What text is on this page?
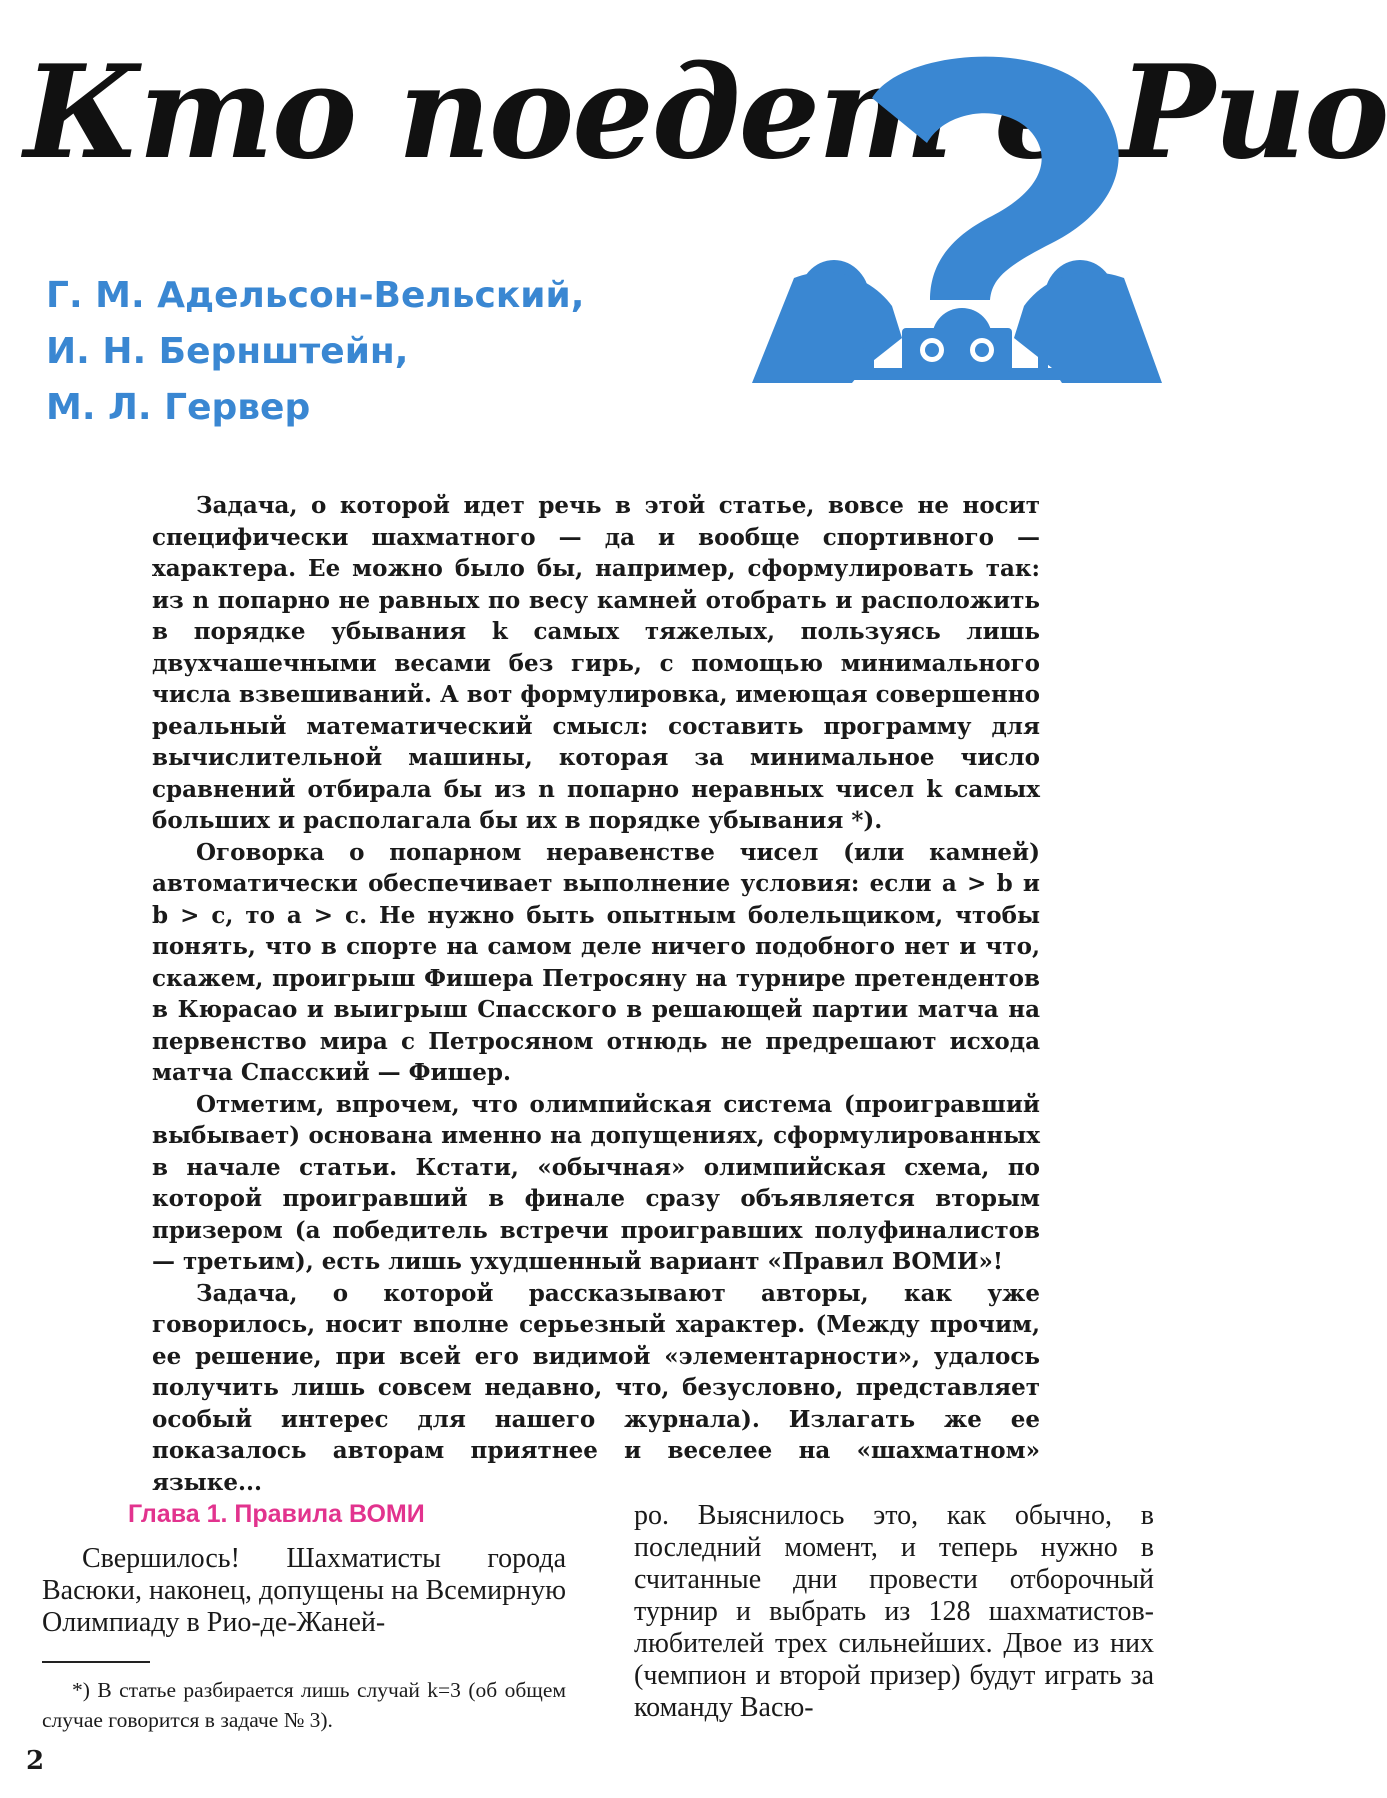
Кто поедет в Рио
Г. М. Адельсон-Вельский,
И. Н. Бернштейн,
М. Л. Гервер

Задача, о которой идет речь в этой статье, вовсе не носит специфически шахматного — да и вообще спортивного — характера. Ее можно было бы, например, сформулировать так: из n попарно не равных по весу камней отобрать и расположить в порядке убывания k самых тяжелых, пользуясь лишь двухчашечными весами без гирь, с помощью минимального числа взвешиваний. А вот формулировка, имеющая совершенно реальный математический смысл: составить программу для вычислительной машины, которая за минимальное число сравнений отбирала бы из n попарно неравных чисел k самых больших и располагала бы их в порядке убывания *).

Оговорка о попарном неравенстве чисел (или камней) автоматически обеспечивает выполнение условия: если a > b и b > c, то a > c. Не нужно быть опытным болельщиком, чтобы понять, что в спорте на самом деле ничего подобного нет и что, скажем, проигрыш Фишера Петросяну на турнире претендентов в Кюрасао и выигрыш Спасского в решающей партии матча на первенство мира с Петросяном отнюдь не предрешают исхода матча Спасский — Фишер.

Отметим, впрочем, что олимпийская система (проигравший выбывает) основана именно на допущениях, сформулированных в начале статьи. Кстати, «обычная» олимпийская схема, по которой проигравший в финале сразу объявляется вторым призером (а победитель встречи проигравших полуфиналистов — третьим), есть лишь ухудшенный вариант «Правил ВОМИ»!

Задача, о которой рассказывают авторы, как уже говорилось, носит вполне серьезный характер. (Между прочим, ее решение, при всей его видимой «элементарности», удалось получить лишь совсем недавно, что, безусловно, представляет особый интерес для нашего журнала). Излагать же ее показалось авторам приятнее и веселее на «шахматном» языке...

Глава 1. Правила ВОМИ

Свершилось! Шахматисты города Васюки, наконец, допущены на Всемирную Олимпиаду в Рио-де-Жаней-

*) В статье разбирается лишь случай k=3 (об общем случае говорится в задаче № 3).

ро. Выяснилось это, как обычно, в последний момент, и теперь нужно в считанные дни провести отборочный турнир и выбрать из 128 шахматистов-любителей трех сильнейших. Двое из них (чемпион и второй призер) будут играть за команду Васю-

2
